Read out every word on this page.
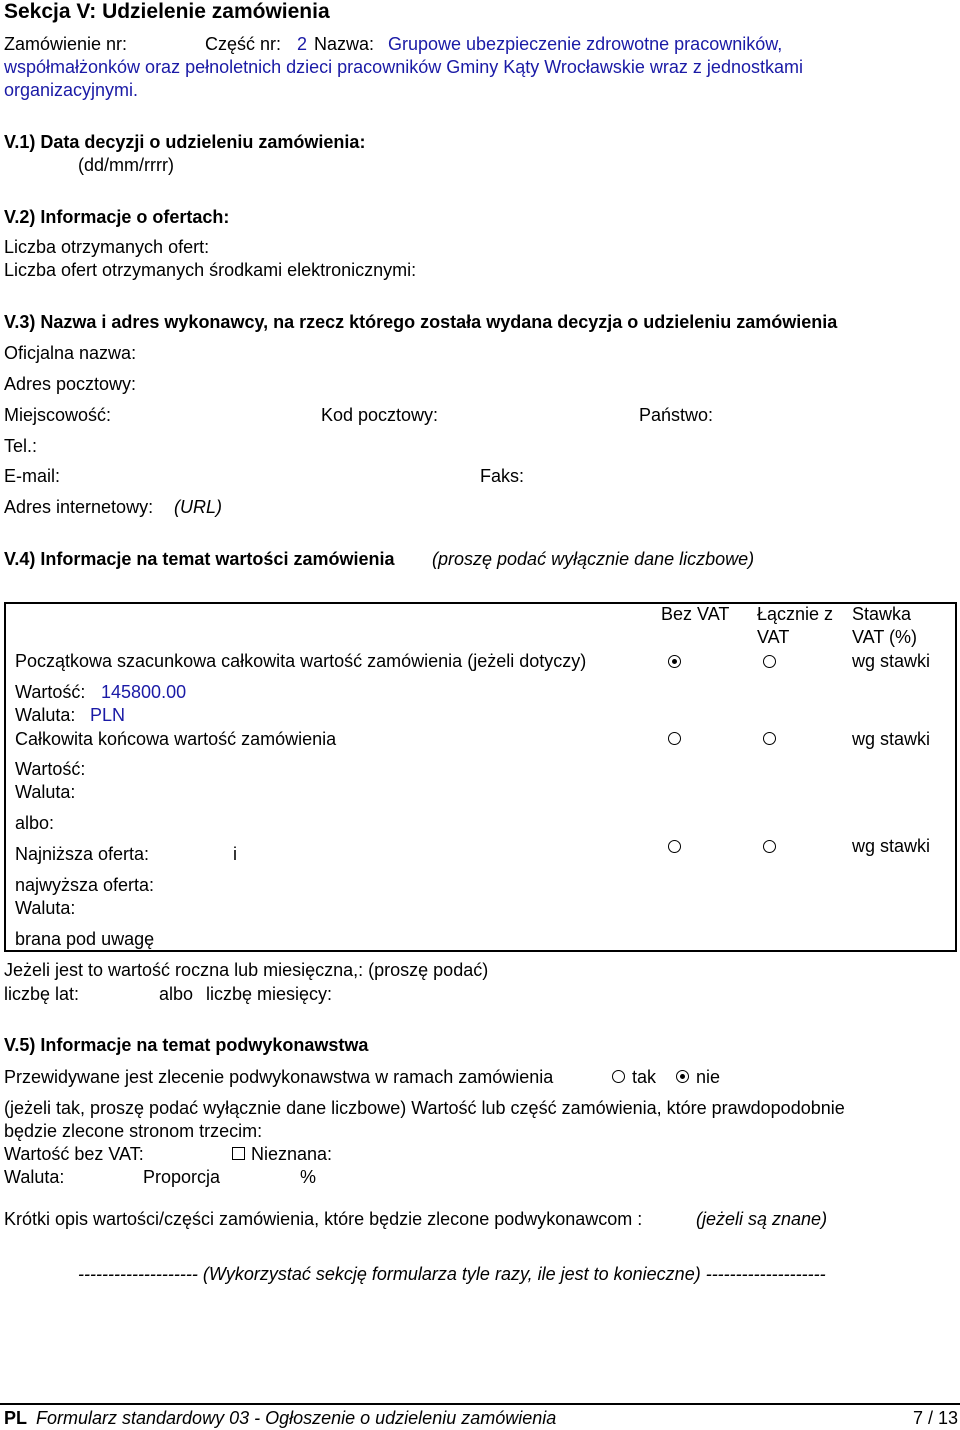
Sekcja V: Udzielenie zamówienia
Zamówienie nr:	Część nr: 2 Nazwa: Grupowe ubezpieczenie zdrowotne pracowników,
współmałżonków oraz pełnoletnich dzieci pracowników Gminy Kąty Wrocławskie wraz z jednostkami
organizacyjnymi.
V.1) Data decyzji o udzieleniu zamówienia:
(dd/mm/rrrr)
V.2) Informacje o ofertach:
Liczba otrzymanych ofert:
Liczba ofert otrzymanych środkami elektronicznymi:
V.3) Nazwa i adres wykonawcy, na rzecz którego została wydana decyzja o udzieleniu zamówienia
Oficjalna nazwa:
Adres pocztowy:
Miejscowość:	Kod pocztowy:	Państwo:
Tel.:
E-mail:	Faks:
Adres internetowy: (URL)
V.4) Informacje na temat wartości zamówienia (proszę podać wyłącznie dane liczbowe)
Bez VAT Łącznie z
VAT
Stawka
VAT (%)
Początkowa szacunkowa całkowita wartość zamówienia (jeżeli dotyczy)	wg stawki
Wartość: 145800.00
Waluta: PLN
Całkowita końcowa wartość zamówienia	wg stawki
Wartość:
Waluta:
albo:
Najniższa oferta:	i	wg stawki
najwyższa oferta:
Waluta:
brana pod uwagę
Jeżeli jest to wartość roczna lub miesięczna,: (proszę podać)
liczbę lat:	albo liczbę miesięcy:
V.5) Informacje na temat podwykonawstwa
Przewidywane jest zlecenie podwykonawstwa w ramach zamówienia	tak nie
(jeżeli tak, proszę podać wyłącznie dane liczbowe) Wartość lub część zamówienia, które prawdopodobnie
będzie zlecone stronom trzecim:
Wartość bez VAT:	Nieznana:
Waluta:	Proporcja	%
Krótki opis wartości/części zamówienia, które będzie zlecone podwykonawcom :	(jeżeli są znane)
-------------------- (Wykorzystać sekcję formularza tyle razy, ile jest to konieczne) --------------------
PL Formularz standardowy 03 - Ogłoszenie o udzieleniu zamówienia	7 / 13
